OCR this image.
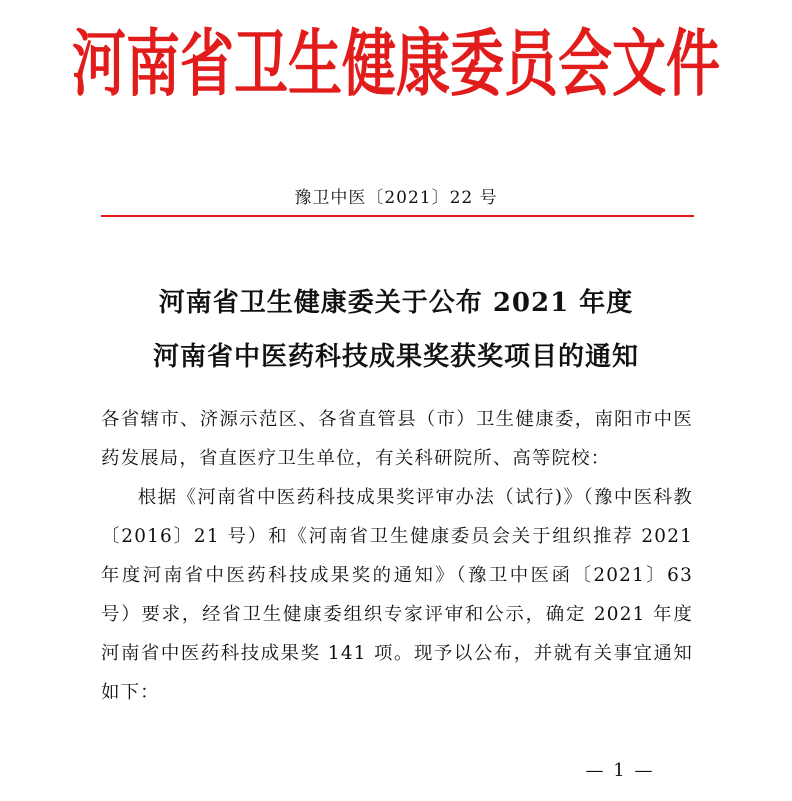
河南省卫生健康委员会文件
豫卫中医〔2021〕22 号
河南省卫生健康委关于公布 2021 年度
河南省中医药科技成果奖获奖项目的通知

各省辖市、济源示范区、各省直管县（市）卫生健康委，南阳市中医药发展局，省直医疗卫生单位，有关科研院所、高等院校：

根据《河南省中医药科技成果奖评审办法（试行)》（豫中医科教〔2016〕21 号）和《河南省卫生健康委员会关于组织推荐 2021 年度河南省中医药科技成果奖的通知》（豫卫中医函〔2021〕63 号）要求，经省卫生健康委组织专家评审和公示，确定 2021 年度河南省中医药科技成果奖 141 项。现予以公布，并就有关事宜通知如下：

— 1 —
